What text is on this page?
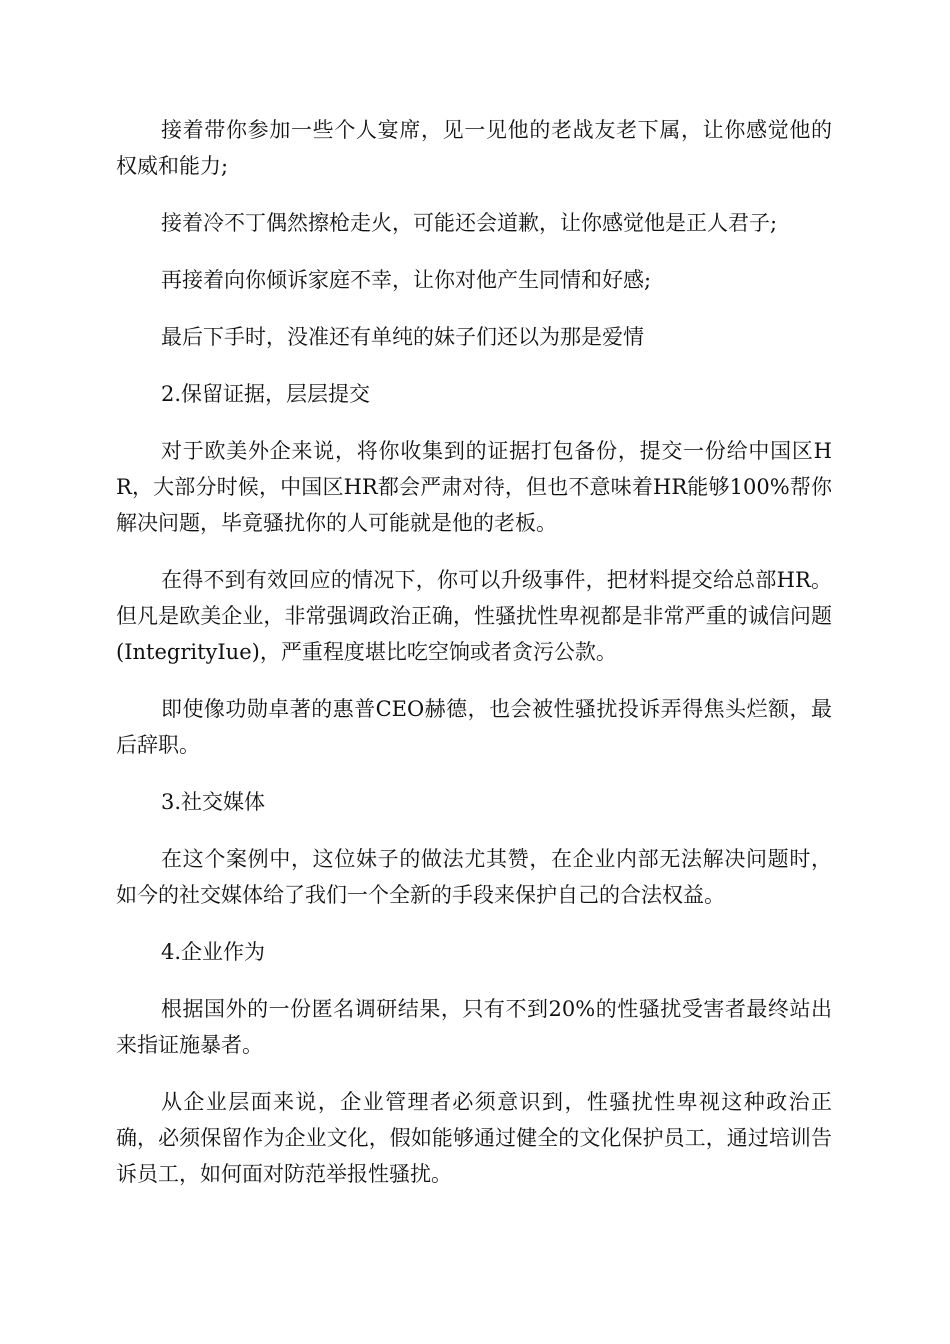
接着带你参加一些个人宴席，见一见他的老战友老下属，让你感觉他的权威和能力;

接着冷不丁偶然擦枪走火，可能还会道歉，让你感觉他是正人君子;

再接着向你倾诉家庭不幸，让你对他产生同情和好感;

最后下手时，没准还有单纯的妹子们还以为那是爱情

2.保留证据，层层提交

对于欧美外企来说，将你收集到的证据打包备份，提交一份给中国区HR，大部分时候，中国区HR都会严肃对待，但也不意味着HR能够100%帮你解决问题，毕竟骚扰你的人可能就是他的老板。

在得不到有效回应的情况下，你可以升级事件，把材料提交给总部HR。但凡是欧美企业，非常强调政治正确，性骚扰性卑视都是非常严重的诚信问题(IntegrityIue)，严重程度堪比吃空饷或者贪污公款。

即使像功勋卓著的惠普CEO赫德，也会被性骚扰投诉弄得焦头烂额，最后辞职。

3.社交媒体

在这个案例中，这位妹子的做法尤其赞，在企业内部无法解决问题时，如今的社交媒体给了我们一个全新的手段来保护自己的合法权益。

4.企业作为

根据国外的一份匿名调研结果，只有不到20%的性骚扰受害者最终站出来指证施暴者。

从企业层面来说，企业管理者必须意识到，性骚扰性卑视这种政治正确，必须保留作为企业文化，假如能够通过健全的文化保护员工，通过培训告诉员工，如何面对防范举报性骚扰。
